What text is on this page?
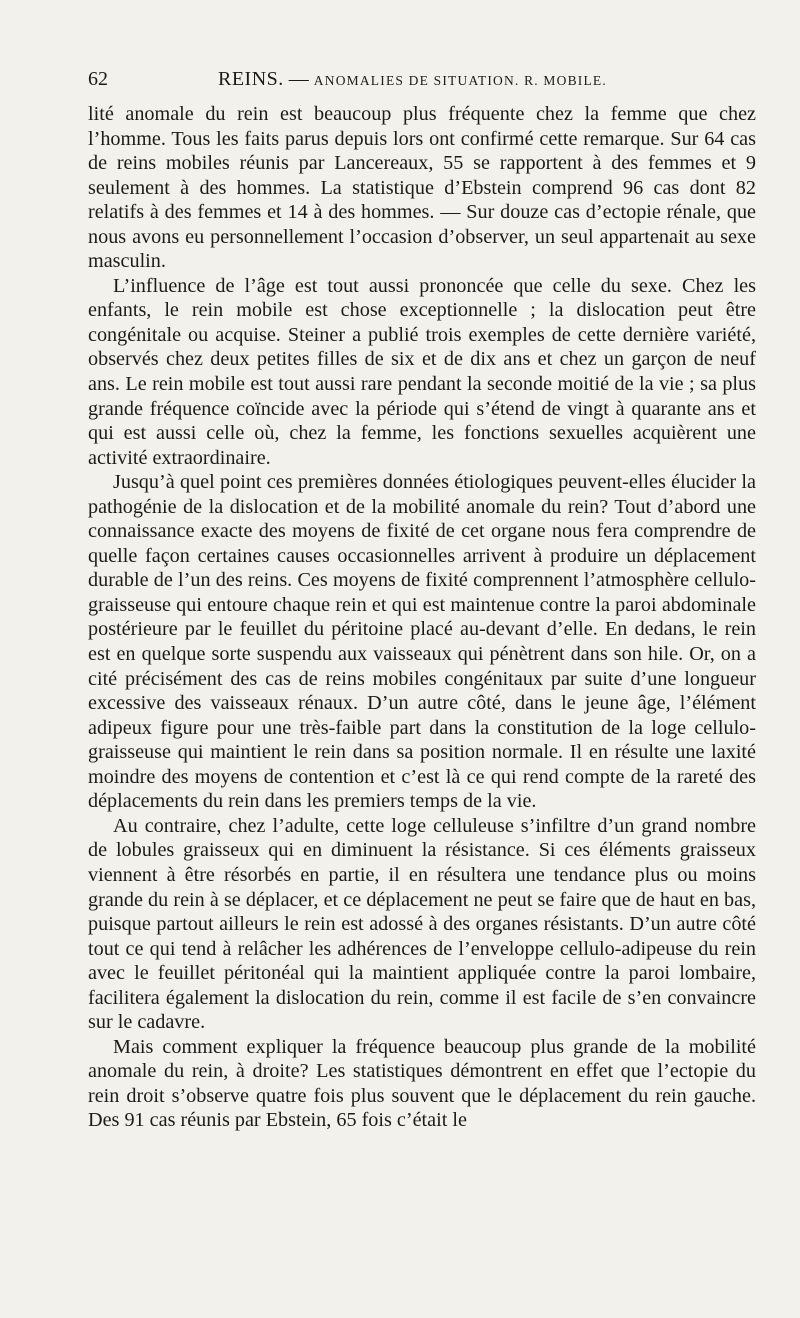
62	REINS. — ANOMALIES DE SITUATION. R. MOBILE.

lité anomale du rein est beaucoup plus fréquente chez la femme que chez l’homme. Tous les faits parus depuis lors ont confirmé cette remarque. Sur 64 cas de reins mobiles réunis par Lancereaux, 55 se rapportent à des femmes et 9 seulement à des hommes. La statistique d’Ebstein comprend 96 cas dont 82 relatifs à des femmes et 14 à des hommes. — Sur douze cas d’ectopie rénale, que nous avons eu personnellement l’occasion d’observer, un seul appartenait au sexe masculin.

L’influence de l’âge est tout aussi prononcée que celle du sexe. Chez les enfants, le rein mobile est chose exceptionnelle ; la dislocation peut être congénitale ou acquise. Steiner a publié trois exemples de cette dernière variété, observés chez deux petites filles de six et de dix ans et chez un garçon de neuf ans. Le rein mobile est tout aussi rare pendant la seconde moitié de la vie ; sa plus grande fréquence coïncide avec la période qui s’étend de vingt à quarante ans et qui est aussi celle où, chez la femme, les fonctions sexuelles acquièrent une activité extraordinaire.

Jusqu’à quel point ces premières données étiologiques peuvent-elles élucider la pathogénie de la dislocation et de la mobilité anomale du rein? Tout d’abord une connaissance exacte des moyens de fixité de cet organe nous fera comprendre de quelle façon certaines causes occasionnelles arrivent à produire un déplacement durable de l’un des reins. Ces moyens de fixité comprennent l’atmosphère cellulo-graisseuse qui entoure chaque rein et qui est maintenue contre la paroi abdominale postérieure par le feuillet du péritoine placé au-devant d’elle. En dedans, le rein est en quelque sorte suspendu aux vaisseaux qui pénètrent dans son hile. Or, on a cité précisément des cas de reins mobiles congénitaux par suite d’une longueur excessive des vaisseaux rénaux. D’un autre côté, dans le jeune âge, l’élément adipeux figure pour une très-faible part dans la constitution de la loge cellulo-graisseuse qui maintient le rein dans sa position normale. Il en résulte une laxité moindre des moyens de contention et c’est là ce qui rend compte de la rareté des déplacements du rein dans les premiers temps de la vie.

Au contraire, chez l’adulte, cette loge celluleuse s’infiltre d’un grand nombre de lobules graisseux qui en diminuent la résistance. Si ces éléments graisseux viennent à être résorbés en partie, il en résultera une tendance plus ou moins grande du rein à se déplacer, et ce déplacement ne peut se faire que de haut en bas, puisque partout ailleurs le rein est adossé à des organes résistants. D’un autre côté tout ce qui tend à relâcher les adhérences de l’enveloppe cellulo-adipeuse du rein avec le feuillet péritonéal qui la maintient appliquée contre la paroi lombaire, facilitera également la dislocation du rein, comme il est facile de s’en convaincre sur le cadavre.

Mais comment expliquer la fréquence beaucoup plus grande de la mobilité anomale du rein, à droite? Les statistiques démontrent en effet que l’ectopie du rein droit s’observe quatre fois plus souvent que le déplacement du rein gauche. Des 91 cas réunis par Ebstein, 65 fois c’était le
